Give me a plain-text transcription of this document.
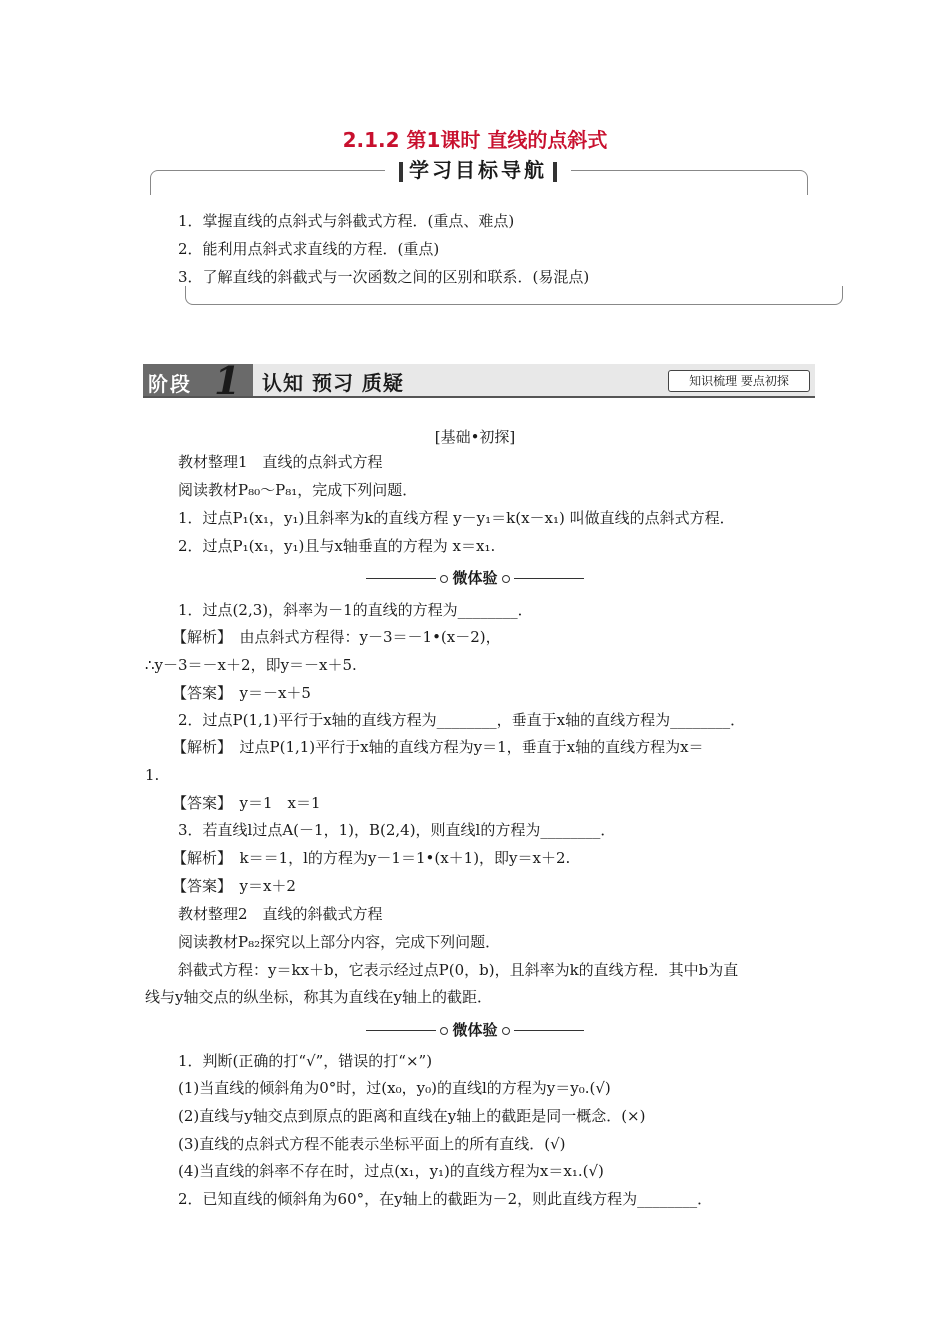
2.1.2 第1课时 直线的点斜式
学习目标导航
1．掌握直线的点斜式与斜截式方程．(重点、难点)
2．能利用点斜式求直线的方程．(重点)
3．了解直线的斜截式与一次函数之间的区别和联系．(易混点)
阶段 1 认知 预习 质疑	知识梳理 要点初探
[基础•初探]
教材整理1　直线的点斜式方程
阅读教材P₈₀～P₈₁，完成下列问题．
1．过点P₁(x₁，y₁)且斜率为k的直线方程 y－y₁＝k(x－x₁) 叫做直线的点斜式方程．
2．过点P₁(x₁，y₁)且与x轴垂直的方程为 x＝x₁.
微体验
1．过点(2,3)，斜率为－1的直线的方程为________．
【解析】　由点斜式方程得：y－3＝－1•(x－2)，
∴y－3＝－x＋2，即y＝－x＋5.
【答案】　y＝－x＋5
2．过点P(1,1)平行于x轴的直线方程为________，垂直于x轴的直线方程为________．
【解析】　过点P(1,1)平行于x轴的直线方程为y＝1，垂直于x轴的直线方程为x＝
1.
【答案】　y＝1　x＝1
3．若直线l过点A(－1，1)，B(2,4)，则直线l的方程为________．
【解析】　k＝＝1，l的方程为y－1＝1•(x＋1)，即y＝x＋2.
【答案】　y＝x＋2
教材整理2　直线的斜截式方程
阅读教材P₈₂探究以上部分内容，完成下列问题．
斜截式方程：y＝kx＋b，它表示经过点P(0，b)，且斜率为k的直线方程．其中b为直
线与y轴交点的纵坐标，称其为直线在y轴上的截距．
微体验
1．判断(正确的打“√”，错误的打“×”)
(1)当直线的倾斜角为0°时，过(x₀，y₀)的直线l的方程为y＝y₀.(√)
(2)直线与y轴交点到原点的距离和直线在y轴上的截距是同一概念．(×)
(3)直线的点斜式方程不能表示坐标平面上的所有直线．(√)
(4)当直线的斜率不存在时，过点(x₁，y₁)的直线方程为x＝x₁.(√)
2．已知直线的倾斜角为60°，在y轴上的截距为－2，则此直线方程为________．
